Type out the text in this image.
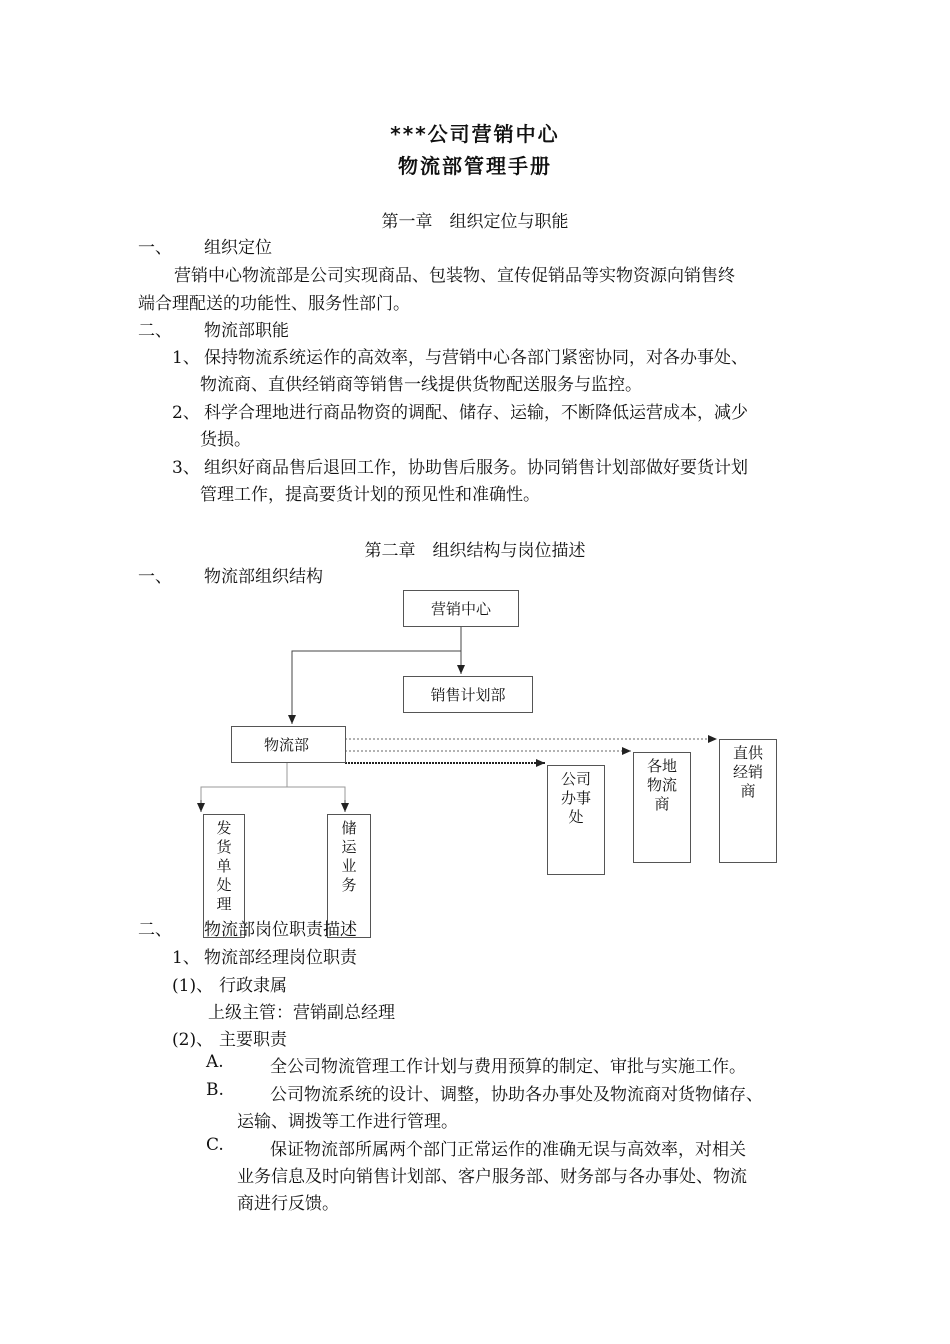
***公司营销中心
物流部管理手册
第一章　组织定位与职能
一、 组织定位
营销中心物流部是公司实现商品、包装物、宣传促销品等实物资源向销售终
端合理配送的功能性、服务性部门。
二、 物流部职能
1、 保持物流系统运作的高效率，与营销中心各部门紧密协同，对各办事处、
物流商、直供经销商等销售一线提供货物配送服务与监控。
2、 科学合理地进行商品物资的调配、储存、运输，不断降低运营成本，减少
货损。
3、 组织好商品售后退回工作，协助售后服务。协同销售计划部做好要货计划
管理工作，提高要货计划的预见性和准确性。
第二章　组织结构与岗位描述
一、 物流部组织结构
营销中心
销售计划部
物流部
发
货
单
处
理
储
运
业
务
公司
办事
处
各地
物流
商
直供
经销
商
二、 物流部岗位职责描述
1、 物流部经理岗位职责
(1)、 行政隶属
上级主管：营销副总经理
(2)、 主要职责
A.	全公司物流管理工作计划与费用预算的制定、审批与实施工作。
B.	公司物流系统的设计、调整，协助各办事处及物流商对货物储存、
运输、调拨等工作进行管理。
C.	保证物流部所属两个部门正常运作的准确无误与高效率，对相关
业务信息及时向销售计划部、客户服务部、财务部与各办事处、物流
商进行反馈。
